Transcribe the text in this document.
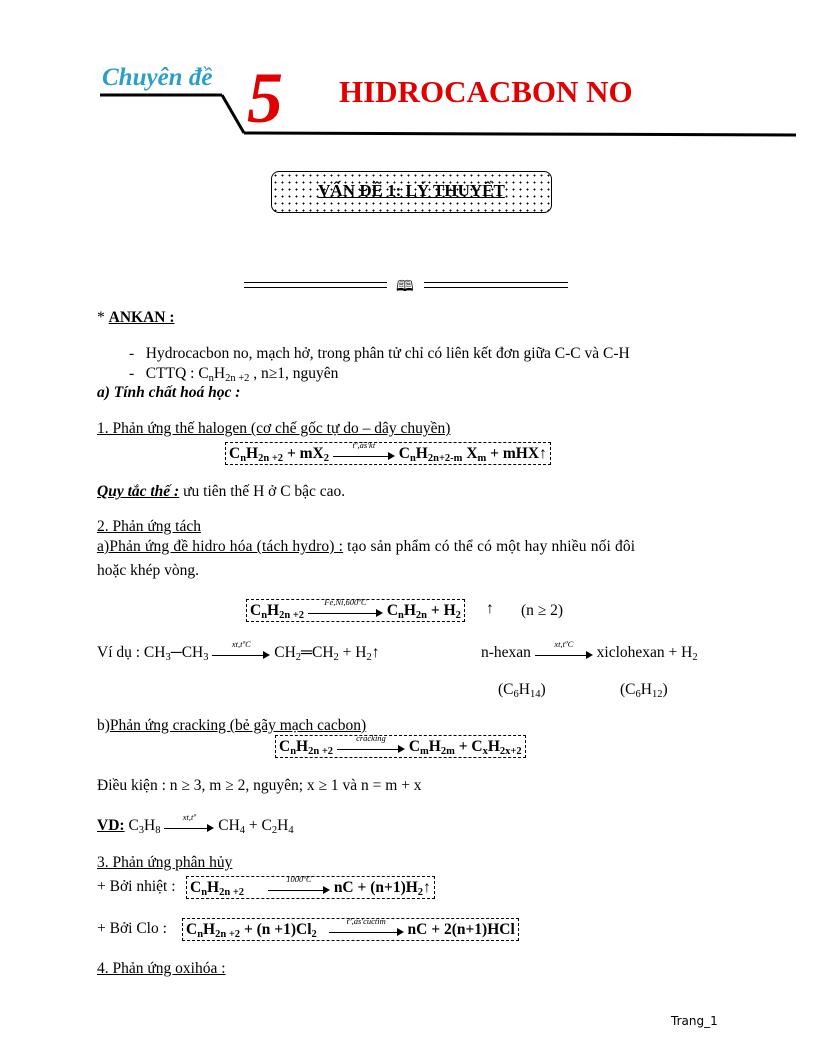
Chuyên đề 5 HIDROCACBON NO
VẤN ĐỀ 1: LÝ THUYẾT
🕮
* ANKAN :
-   Hydrocacbon no, mạch hở, trong phân tử chỉ có liên kết đơn giữa C-C và C-H
-   CTTQ : $C_nH_{2n +2}$ , n≥1, nguyên
a) Tính chất hoá học :
1. Phản ứng thế halogen (cơ chế gốc tự do – dây chuyền)
$C_nH_{2n +2} + mX_2$
tº,ás'kt	$C_nH_{2n+2-m}$ $X_m$ + mHX↑
Quy tắc thế : ưu tiên thế H ở C bậc cao.
2. Phản ứng tách
a)Phản ứng đề hidro hóa (tách hydro) : tạo sản phẩm có thể có một hay nhiều nối đôi
hoặc khép vòng.
$C_nH_{2n +2}$
Fe,Ni,600ºC	$C_nH_{2n} + H_2$ ↑ (n ≥ 2)
Ví dụ : $CH_3─CH_3$
xt,tºC	$CH_2═CH_2$ + $H_2↑$	n-hexan	xt,tºC	xiclohexan + $H_2$
$(C_6H_{14})$	$(C_6H_{12})$
b)Phản ứng cracking (bẻ gãy mạch cacbon)
$C_nH_{2n +2}$
cracking	$C_mH_{2m} + C_xH_{2x+2}$
Điều kiện : n ≥ 3, m ≥ 2, nguyên; x ≥ 1 và n = m + x
VD: $C_3H_8$
xt,tº	$CH_4 + C_2H_4$
3. Phản ứng phân hủy
+ Bởi nhiệt : $C_nH_{2n +2}$
1000ºC	nC + $(n+1)H_2↑$
+ Bởi Clo : $C_nH_{2n +2} + (n +1)Cl_2$
tº,ás'cuctim	nC + 2(n+1)HCl
4. Phản ứng oxihóa :
Trang_1
